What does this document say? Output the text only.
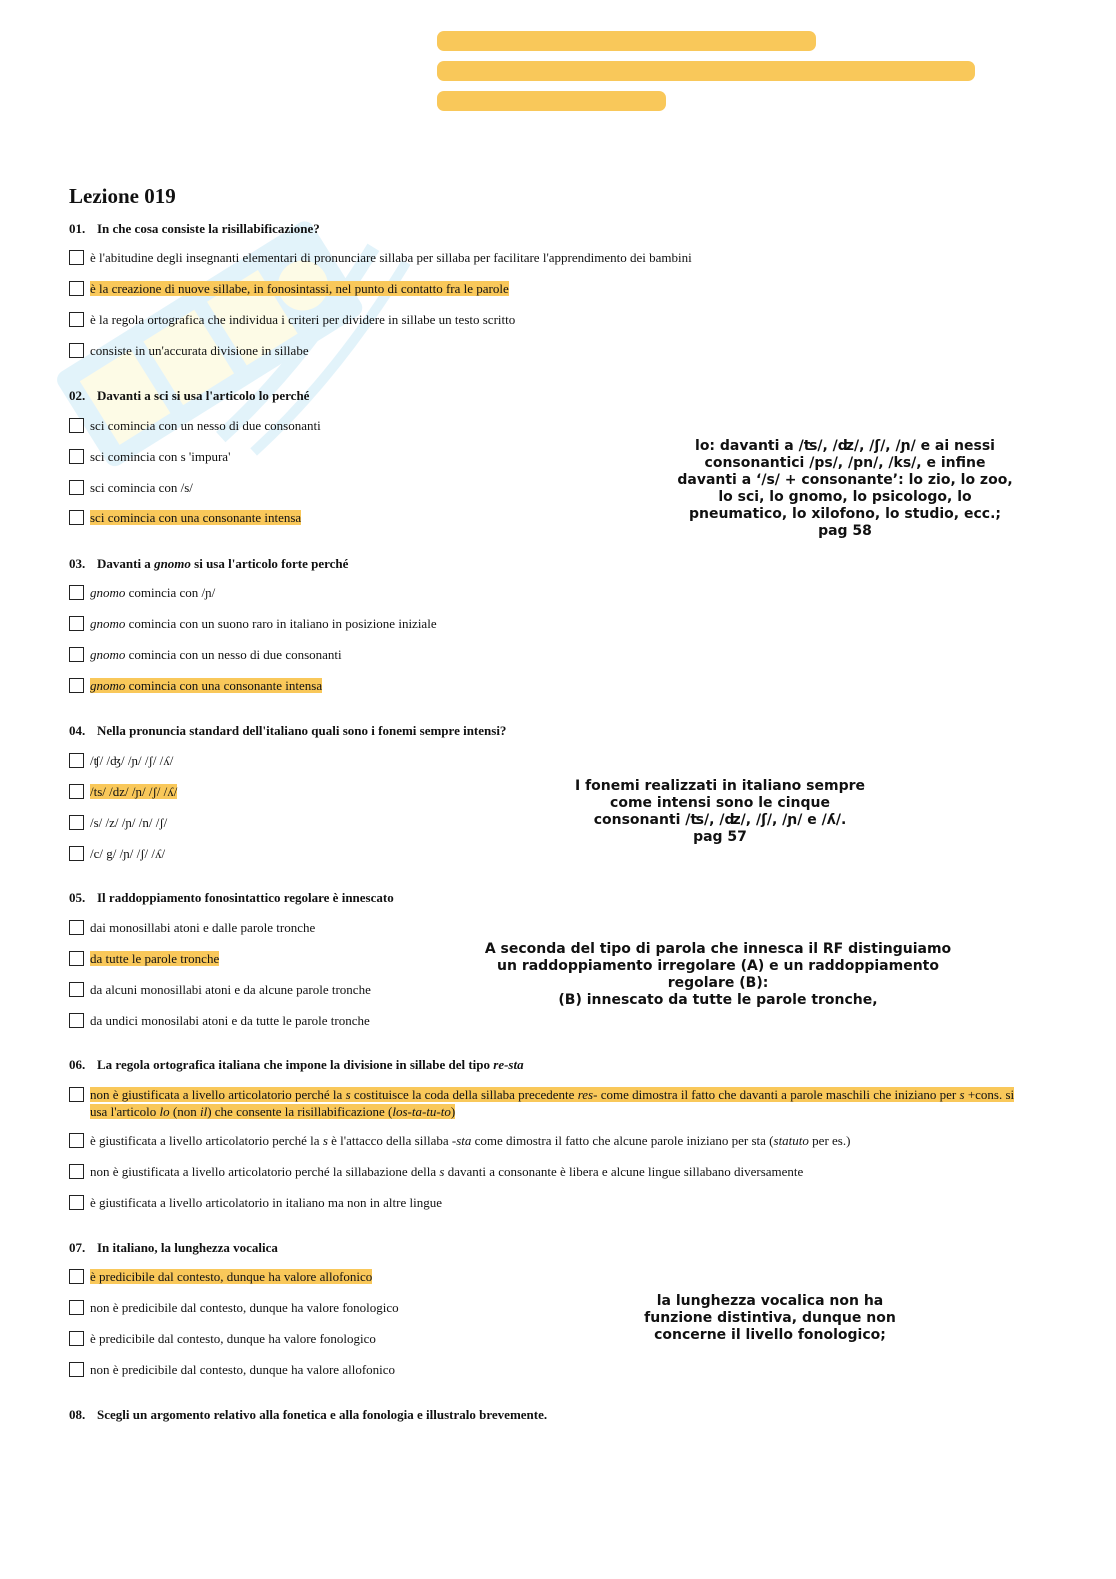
Lezione 019
01. In che cosa consiste la risillabificazione?
è l'abitudine degli insegnanti elementari di pronunciare sillaba per sillaba per facilitare l'apprendimento dei bambini
è la creazione di nuove sillabe, in fonosintassi, nel punto di contatto fra le parole
è la regola ortografica che individua i criteri per dividere in sillabe un testo scritto
consiste in un'accurata divisione in sillabe
02. Davanti a sci si usa l'articolo lo perché
sci comincia con un nesso di due consonanti
sci comincia con s 'impura'
sci comincia con /s/
sci comincia con una consonante intensa
lo: davanti a /ʦ/, /ʣ/, /ʃ/, /ɲ/ e ai nessi
consonantici /ps/, /pn/, /ks/, e infine
davanti a ‘/s/ + consonante’: lo zio, lo zoo,
lo sci, lo gnomo, lo psicologo, lo
pneumatico, lo xilofono, lo studio, ecc.;
pag 58
03. Davanti a gnomo si usa l'articolo forte perché
gnomo comincia con /ɲ/
gnomo comincia con un suono raro in italiano in posizione iniziale
gnomo comincia con un nesso di due consonanti
gnomo comincia con una consonante intensa
04. Nella pronuncia standard dell'italiano quali sono i fonemi sempre intensi?
/ʧ/ /ʤ/ /ɲ/ /ʃ/ /ʎ/
/ts/ /dz/ /ɲ/ /ʃ/ /ʎ/
/s/ /z/ /ɲ/ /n/ /ʃ/
/c/ g/ /ɲ/ /ʃ/ /ʎ/
I fonemi realizzati in italiano sempre
come intensi sono le cinque
consonanti /ʦ/, /ʣ/, /ʃ/, /ɲ/ e /ʎ/.
pag 57
05. Il raddoppiamento fonosintattico regolare è innescato
dai monosillabi atoni e dalle parole tronche
da tutte le parole tronche
da alcuni monosillabi atoni e da alcune parole tronche
da undici monosilabi atoni e da tutte le parole tronche
A seconda del tipo di parola che innesca il RF distinguiamo
un raddoppiamento irregolare (A) e un raddoppiamento
regolare (B):
(B) innescato da tutte le parole tronche,
06. La regola ortografica italiana che impone la divisione in sillabe del tipo re-sta
non è giustificata a livello articolatorio perché la s costituisce la coda della sillaba precedente res- come dimostra il fatto che davanti a parole maschili che iniziano per s +cons. si usa l'articolo lo (non il) che consente la risillabificazione (los-ta-tu-to)
è giustificata a livello articolatorio perché la s è l'attacco della sillaba -sta come dimostra il fatto che alcune parole iniziano per sta (statuto per es.)
non è giustificata a livello articolatorio perché la sillabazione della s davanti a consonante è libera e alcune lingue sillabano diversamente
è giustificata a livello articolatorio in italiano ma non in altre lingue
07. In italiano, la lunghezza vocalica
è predicibile dal contesto, dunque ha valore allofonico
non è predicibile dal contesto, dunque ha valore fonologico
è predicibile dal contesto, dunque ha valore fonologico
non è predicibile dal contesto, dunque ha valore allofonico
la lunghezza vocalica non ha
funzione distintiva, dunque non
concerne il livello fonologico;
08. Scegli un argomento relativo alla fonetica e alla fonologia e illustralo brevemente.
